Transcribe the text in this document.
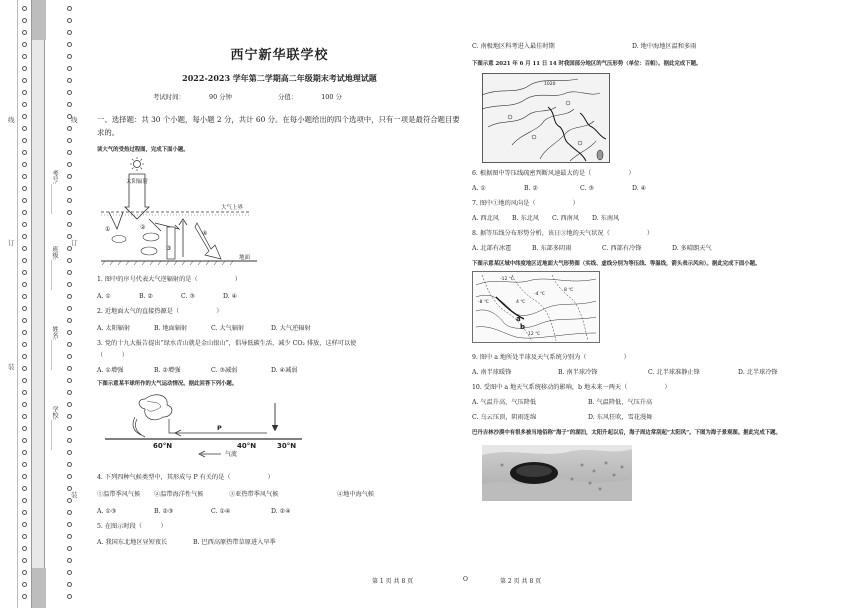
线
订
装
线
订
装
学校:__________
姓名:__________
班级:__________
考号:__________
西宁新华联学校
2022-2023 学年第二学期高二年级期末考试地理试题
考试时间：	90 分钟	分值：	100 分
一、选择题：共 30 个小题，每小题 2 分，共计 60 分。在每小题给出的四个选项中，只有一项是最符合题目要求的。
读大气的受热过程图，完成下面小题。
太阳辐射
大气上界
①	②
③
④
地面
1. 图中的序号代表大气逆辐射的是（　　　　　　）
A. ①	B. ②	C. ③	D. ④
2. 近地面大气的直接热源是（　　　　　　）
A. 太阳辐射	B. 地面辐射	C. 大气辐射	D. 大气逆辐射
3. 党的十九大报告提出“绿水青山就是金山银山”，倡导低碳生活，减少 CO₂ 排放，这样可以使
（　　　）
A. ①增强	B. ②增强	C. ③减弱	D. ④减弱
下图示意某半球所作的大气运动情况。据此回答下列小题。
P
60°N	40°N	30°N
气流
4. 下列四种气候类型中，其形成与 P 有关的是（　　　　　　）
①温带季风气候	②温带海洋性气候	③亚热带季风气候	④地中海气候
A. ①③	B. ②③	C. ①④	D. ②④
5. 在图示时段（　　　）
A. 我国东北地区昼短夜长	B. 巴西高原热带草原进入旱季
C. 南极地区科考进入最佳时期	D. 地中海地区温和多雨
下图示意 2021 年 6 月 11 日 14 时我国部分地区的气压形势（单位：百帕）。据此完成下题。
1020
6. 根据图中等压线疏密判断风速最大的是（　　　　　　）
A. ①	B. ②	C. ③	D. ④
7. 图中①地的风向是（　　　　　　）
A. 西北风	B. 东北风	C. 西南风	D. 东南风
8. 据等压线分布形势分析，该日③地的天气状况（　　　　　　）
A. 北部有冰雹	B. 东部多阴雨	C. 西部有冷锋	D. 多晴朗天气
下图示意某区域中纬度地区近地面大气形势图（实线、虚线分别为等压线、等温线，箭头表示风向）。据此完成下面小题。
-12 ℃
-8 ℃
-4 ℃
4 ℃
8 ℃
12 ℃
a
b
9. 图中 a 地所处半球及天气系统分别为（　　　　　　）
A. 南半球暖锋	B. 南半球冷锋	C. 北半球准静止锋	D. 北半球冷锋
10. 受图中 a 地天气系统移动的影响，b 地未来一两天（　　　　　　）
A. 气温升高，气压降低	B. 气温降低，气压升高
C. 乌云压顶，阴雨连绵	D. 东风狂吹，雪花漫舞
巴丹吉林沙漠中有很多被当地俗称“海子”的湖泊，太阳升起以后，海子周边常刮起“太阳风”。下图为海子景观图。据此完成下题。
第 1 页 共 8 页	O	第 2 页 共 8 页
